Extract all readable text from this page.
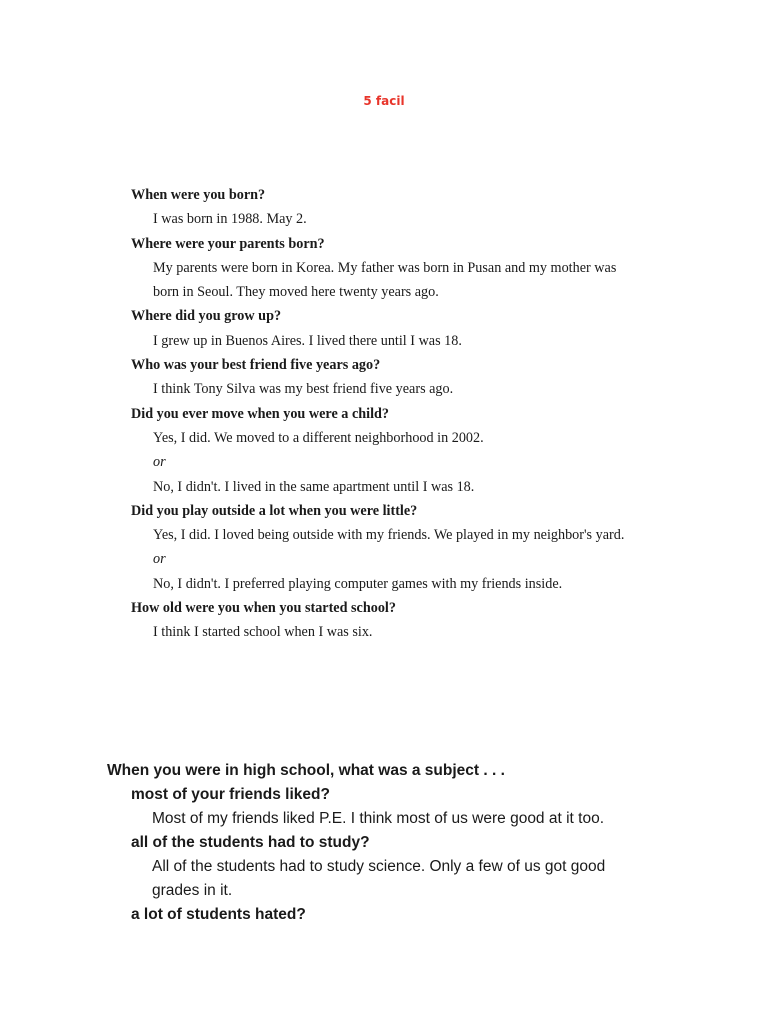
5 facil
When were you born?
I was born in 1988. May 2.
Where were your parents born?
My parents were born in Korea. My father was born in Pusan and my mother was
born in Seoul. They moved here twenty years ago.
Where did you grow up?
I grew up in Buenos Aires. I lived there until I was 18.
Who was your best friend five years ago?
I think Tony Silva was my best friend five years ago.
Did you ever move when you were a child?
Yes, I did. We moved to a different neighborhood in 2002.
or
No, I didn't. I lived in the same apartment until I was 18.
Did you play outside a lot when you were little?
Yes, I did. I loved being outside with my friends. We played in my neighbor's yard.
or
No, I didn't. I preferred playing computer games with my friends inside.
How old were you when you started school?
I think I started school when I was six.
When you were in high school, what was a subject . . .
most of your friends liked?
Most of my friends liked P.E. I think most of us were good at it too.
all of the students had to study?
All of the students had to study science. Only a few of us got good
grades in it.
a lot of students hated?
